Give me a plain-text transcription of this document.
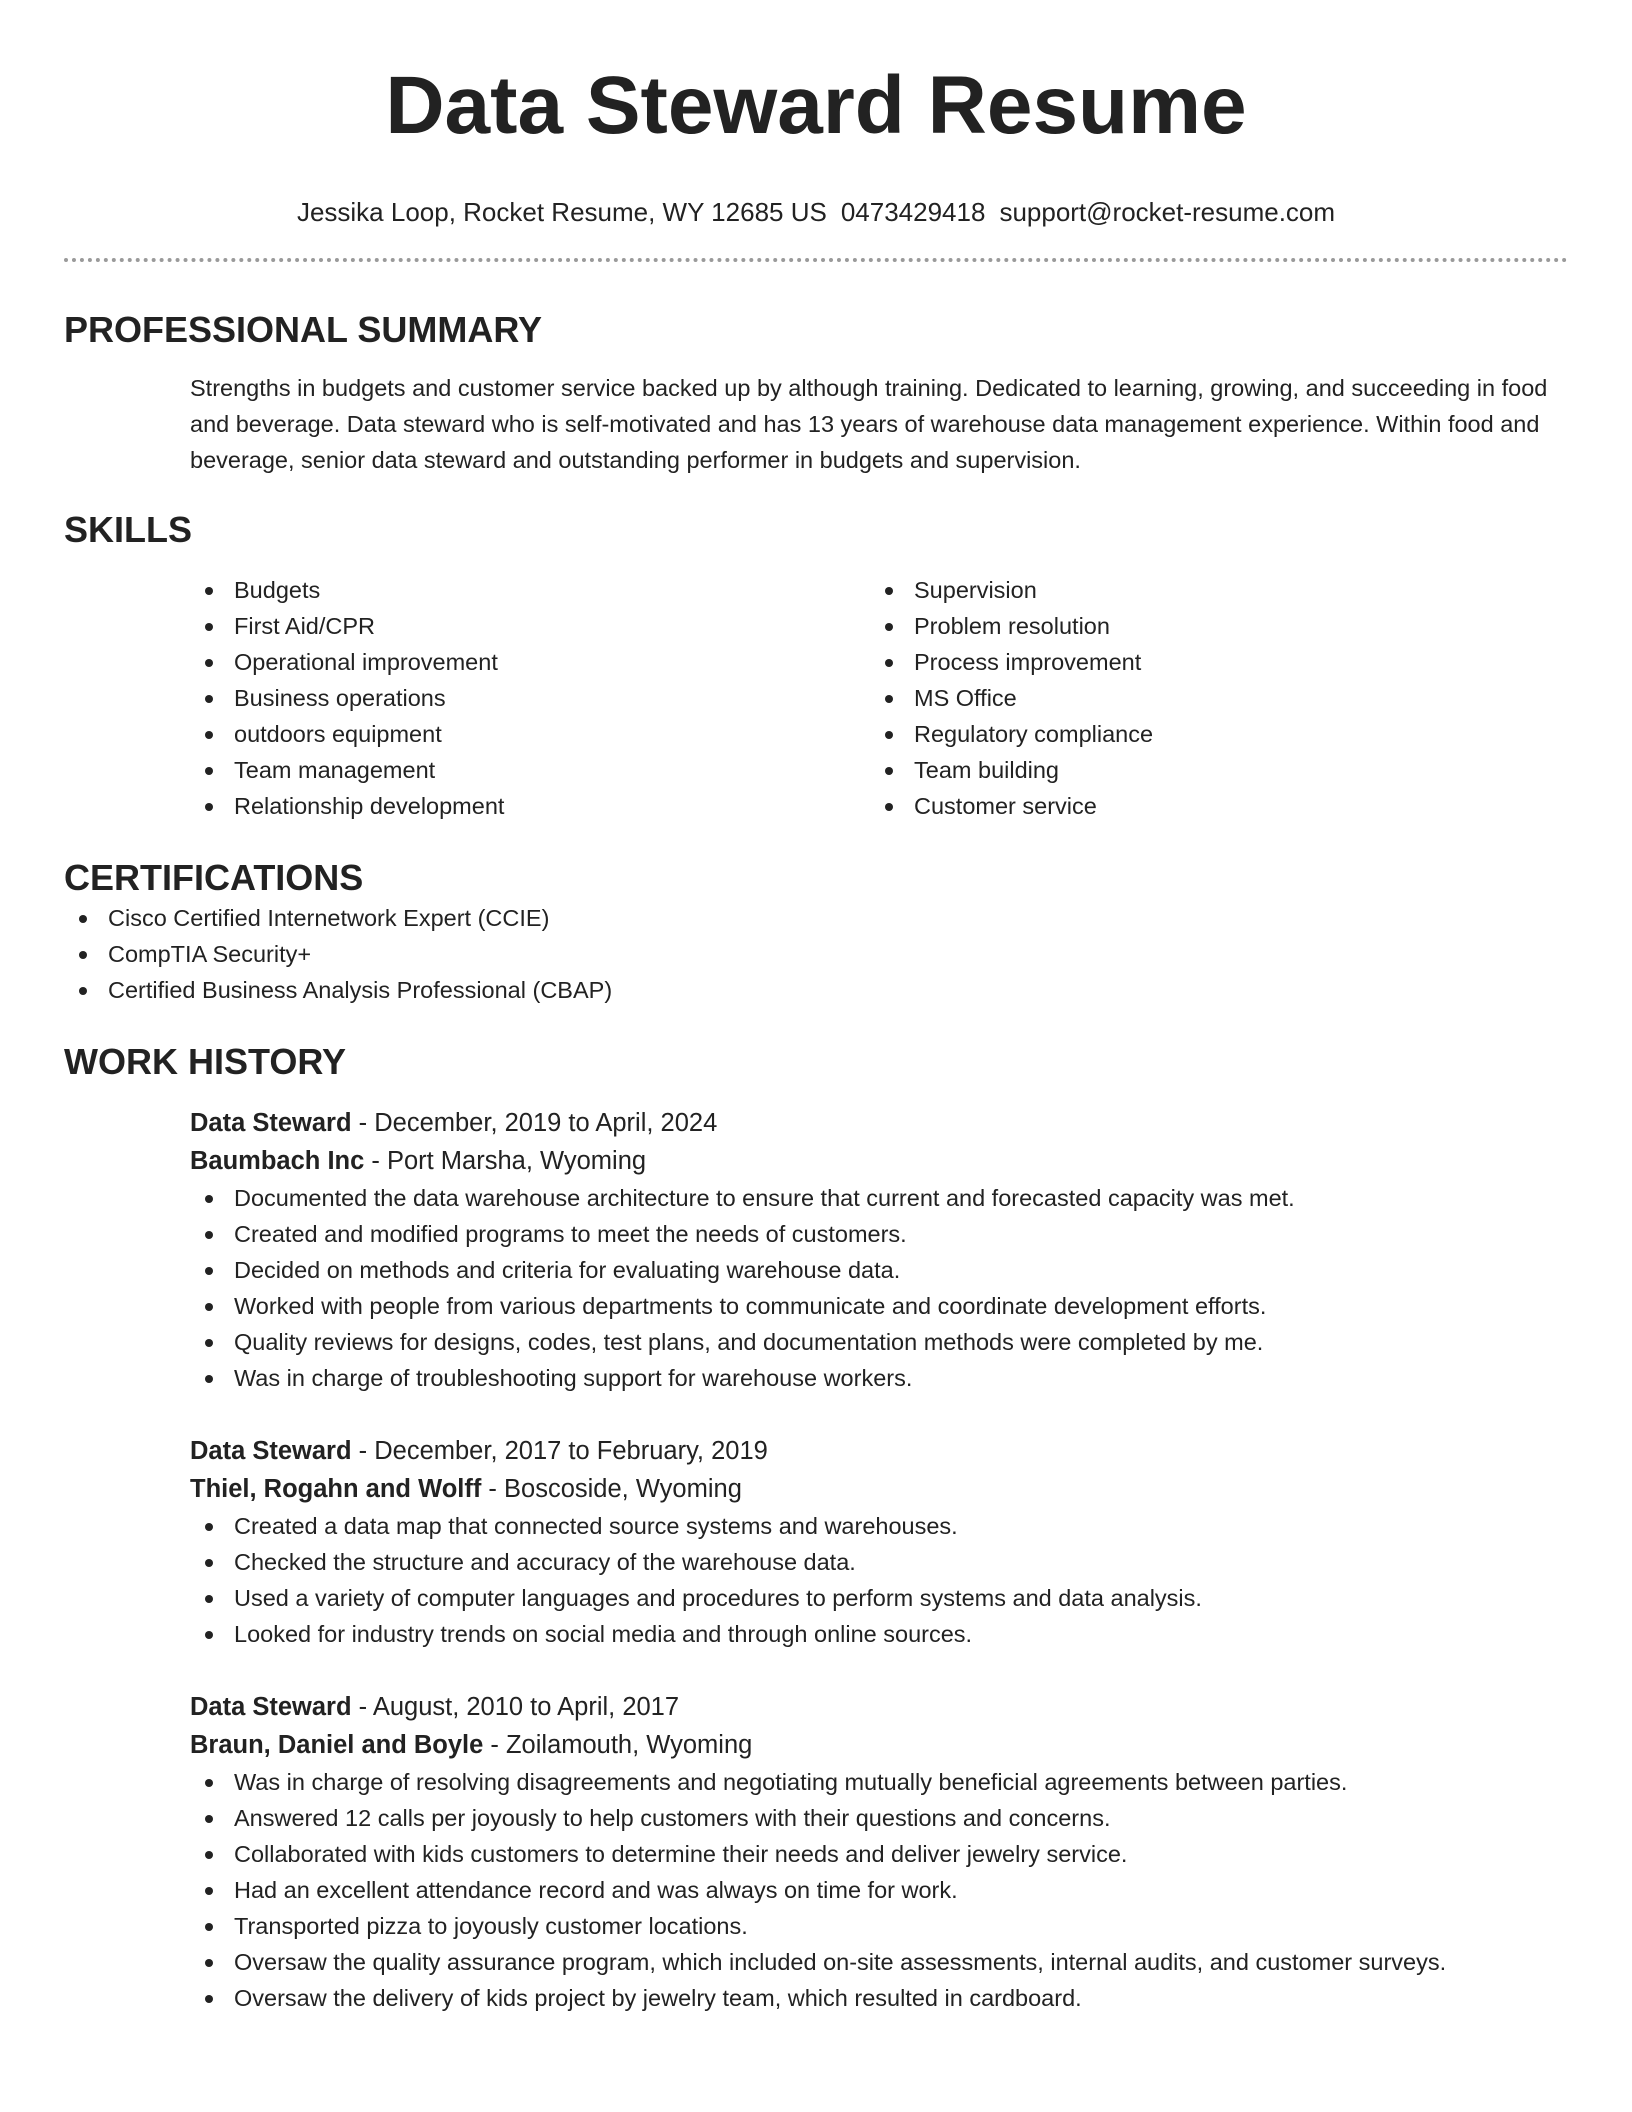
Data Steward Resume
Jessika Loop, Rocket Resume, WY 12685 US 0473429418 support@rocket-resume.com
PROFESSIONAL SUMMARY

Strengths in budgets and customer service backed up by although training. Dedicated to learning, growing, and succeeding in food and beverage. Data steward who is self-motivated and has 13 years of warehouse data management experience. Within food and beverage, senior data steward and outstanding performer in budgets and supervision.

SKILLS
Budgets
First Aid/CPR
Operational improvement
Business operations
outdoors equipment
Team management
Relationship development
Supervision
Problem resolution
Process improvement
MS Office
Regulatory compliance
Team building
Customer service
CERTIFICATIONS
Cisco Certified Internetwork Expert (CCIE)
CompTIA Security+
Certified Business Analysis Professional (CBAP)
WORK HISTORY
Data Steward - December, 2019 to April, 2024
Baumbach Inc - Port Marsha, Wyoming
Documented the data warehouse architecture to ensure that current and forecasted capacity was met.
Created and modified programs to meet the needs of customers.
Decided on methods and criteria for evaluating warehouse data.
Worked with people from various departments to communicate and coordinate development efforts.
Quality reviews for designs, codes, test plans, and documentation methods were completed by me.
Was in charge of troubleshooting support for warehouse workers.
Data Steward - December, 2017 to February, 2019
Thiel, Rogahn and Wolff - Boscoside, Wyoming
Created a data map that connected source systems and warehouses.
Checked the structure and accuracy of the warehouse data.
Used a variety of computer languages and procedures to perform systems and data analysis.
Looked for industry trends on social media and through online sources.
Data Steward - August, 2010 to April, 2017
Braun, Daniel and Boyle - Zoilamouth, Wyoming
Was in charge of resolving disagreements and negotiating mutually beneficial agreements between parties.
Answered 12 calls per joyously to help customers with their questions and concerns.
Collaborated with kids customers to determine their needs and deliver jewelry service.
Had an excellent attendance record and was always on time for work.
Transported pizza to joyously customer locations.
Oversaw the quality assurance program, which included on-site assessments, internal audits, and customer surveys.
Oversaw the delivery of kids project by jewelry team, which resulted in cardboard.
